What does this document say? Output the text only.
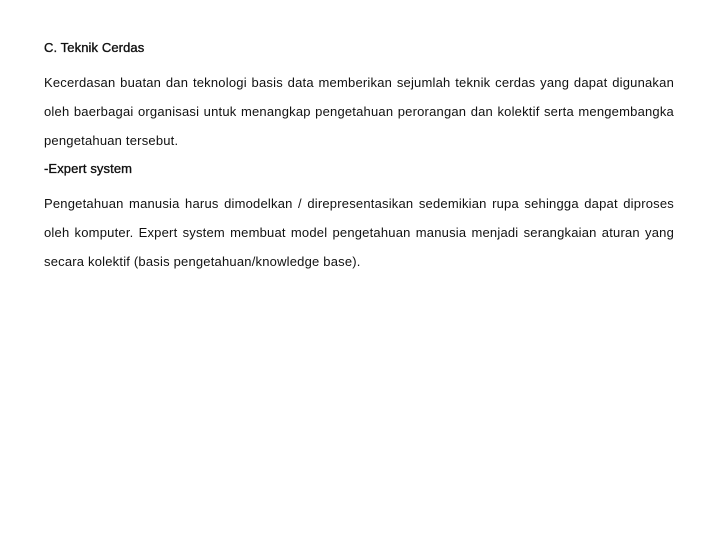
C. Teknik Cerdas

Kecerdasan buatan dan teknologi basis data memberikan sejumlah teknik cerdas yang dapat digunakan oleh baerbagai organisasi untuk menangkap pengetahuan perorangan dan kolektif serta mengembangka pengetahuan tersebut.

-Expert system

Pengetahuan manusia harus dimodelkan / direpresentasikan sedemikian rupa sehingga dapat diproses oleh komputer. Expert system membuat model pengetahuan manusia menjadi serangkaian aturan yang secara kolektif (basis pengetahuan/knowledge base).
